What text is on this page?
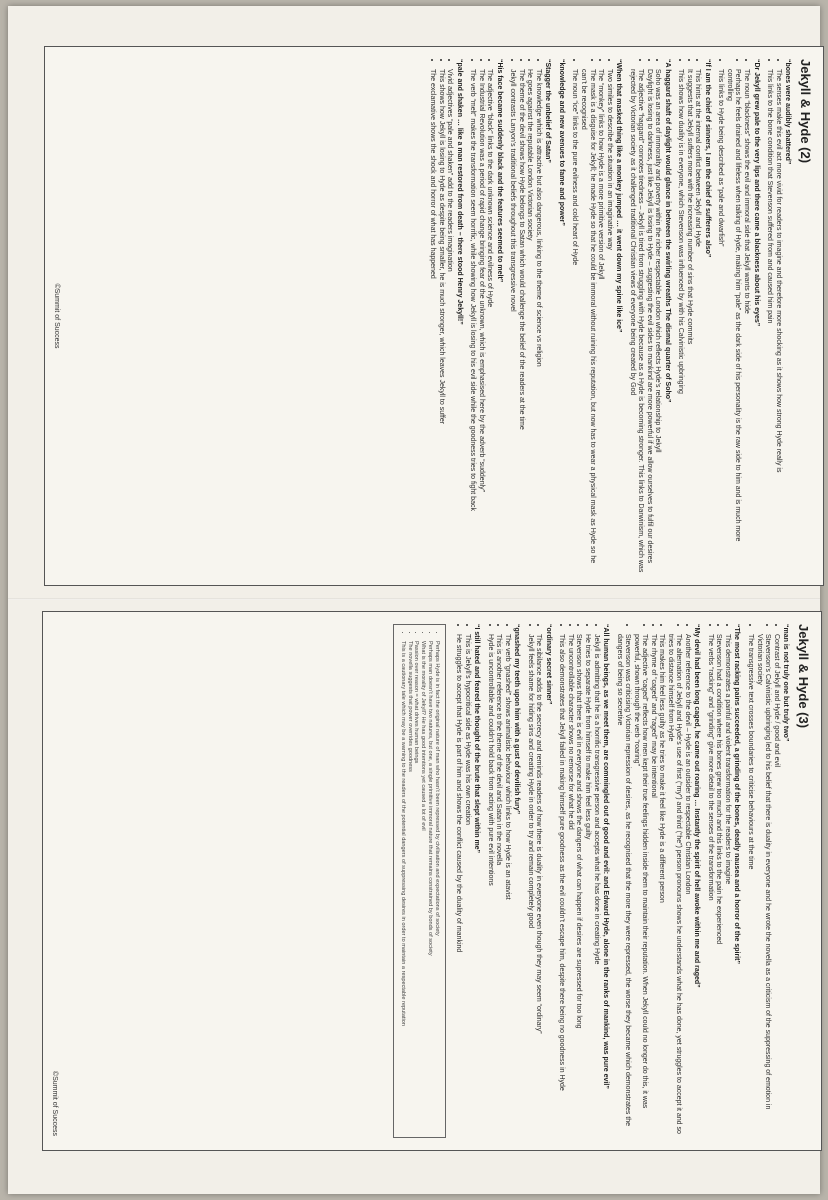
Jekyll & Hyde (2)
“bones were audibly shattered”
• The senses make this evil act more vivid for readers to imagine and therefore more shocking as it shows how strong Hyde really is
• This links to the bone condition that Stevenson suffered from and caused him pain
“Dr Jekyll grew pale to the very lips and there came a blackness about his eyes”
• The noun “blackness” shows the evil and immoral side that Jekyll wants to hide
• Perhaps he feels drained and lifeless when talking of Hyde, making him “pale” as the dark side of his personality is the raw side to him and is much more controlling
• This links to Hyde being described as “pale and dwarfish”
“If I am the chief of sinners, I am the chief of sufferers also”
• This hints at the internal conflict between Jekyll and Hyde
• It suggests that Jekyll suffers more with the increasing number of sins that Hyde commits
• This shows how duality is in everyone, which Stevenson was influenced by with his Calvinistic upbringing
“A haggard shaft of daylight would glance in between the swirling wreaths The dismal quarter of Soho”
• Soho was an area of immorality and poverty within the richer respectable London which reflects Hyde’s relationship to Jekyll
• Daylight is losing to darkness, just like Jekyll is losing to Hyde – suggesting the evil sides to mankind are more powerful if we allow ourselves to fulfil our desires
• The adjective “haggard” connotes tiredness – Jekyll is tired from struggling with Hyde because as a Hyde is becoming stronger. This links to Darwinism, which was rejected by Victorian society as it challenged traditional Christian views of everyone being created by God
“When that masked thing like a monkey jumped … it went down my spine like ice”
• Two similes to describe the situation in an imaginative way
• The “monkey” links to how Hyde is a more primitive version of Jekyll
• The mask is a disguise for Jekyll; he made Hyde so that he could be immoral without ruining his reputation, but now has to wear a physical mask as Hyde so he can’t be recognised
• The noun “ice” links to the pure evilness and cold heart of Hyde
“knowledge and new avenues to fame and power”
“Stagger the unbelief of Satan”
• The knowledge which is attractive but also dangerous, linking to the theme of science vs religion
• He goes against the reputable London Victorian society
• The theme of the devil shows how Hyde belongs to Satan which would challenge the belief of the readers at the time
• Jekyll contrasts Lanyon’s traditional beliefs throughout this transgressive novel
“His face became suddenly black and the features seemed to melt”
• The adjective “black” links to the dark unknown science and evilness of Hyde
• The Industrial Revolution was a period of rapid change bringing fear of the unknown, which is emphasised here by the adverb “suddenly”
• The verb “melt” makes the transformation seem horrific, while showing how Jekyll is losing to his evil side while the goodness tries to fight back
“pale and shaken … like a man restored from death – there stood Henry Jekyll!”
• Vivid adjectives “pale and shaken” add to the readers imagination
• This shows how Jekyll is losing to Hyde as despite being smaller, he is much stronger, which leaves Jekyll to suffer
• The exclamative shows the shock and horror of what has happened
©Summit of Success
Jekyll & Hyde (3)
“man is not truly one but truly two”
• Contrast of Jekyll and Hyde / good and evil
• Stevenson’s Calvinistic upbringing led to his belief that there is duality in everyone and he wrote the novella as a criticism of the suppressing of emotion in Victorian society
• The transgressive text crosses boundaries to criticise behaviours at the time
“The most racking pains succeeded, a grinding of the bones, deadly nausea and a horror of the spirit”
• This demonstrates a painful and violent transformation for the readers to imagine
• Stevenson had a condition where his bones grew too much and this links to the pain he experienced
• The verbs “racking” and “grinding” give more detail to the senses of the transformation
“My devil had been long caged, he came out roaring … Instantly the spirit of hell awoke within me and raged”
• Another reference to the devil – Hyde is an outsider to respectable Christian London
• The alternation of Jekyll and Hyde’s use of first (“my”) and third (“he”) person pronouns shows he understands what he has done, yet struggles to accept it and so tries to distance himself from Hyde
• This makes him feel less guilty as he tries to make it feel like Hyde is a different person
• The rhyme of “caged” and “raged” may be intentional
• The adjective “caged” reflects how men kept their true feelings hidden inside them to maintain their reputation. When Jekyll could no longer do this, it was powerful, shown through the verb “roaring”
• Stevenson was criticising Victorian repression of desires, as he recognised that the more they were repressed, the worse they became which demonstrates the dangers of being so secretive
“All human beings, as we meet them, are commingled out of good and evil: and Edward Hyde, alone in the ranks of mankind, was pure evil”
• Jekyll is admitting that he is a horrific transgressive person and accepts what he has done in creating Hyde
• He tries to separate Hyde from himself to make him feel less guilty
• Stevenson shows that there is evil in everyone and shows the dangers of what can happen if desires are supressed for too long
• The uncontrollable character shows no remorse for what he did
• This also demonstrates that Jekyll failed in making himself pure goodness as the evil couldn’t escape him, despite there being no goodness in Hyde
“ordinary secret sinner”
• The sibilance adds to the secrecy and reminds readers of how there is duality in everyone even though they may seem “ordinary”
• Jekyll feels shame for hiding sins and creating Hyde in order to try and remain completely good
“gnashed my teeth upon him with a gust of devilish fury”
• The verb “gnashed” shows animalistic behaviour which links to how Hyde is an atavist
• This is another reference to the theme of the devil and Satan in the novella
• Hyde is uncontrollable and couldn’t hold back from acting with pure evil intentions
“I still hated and feared the thought of the brute that slept within me”
• This is Jekyll’s hypocritical side as Hyde was his own creation
• He struggles to accept that Hyde is part of him and shows the conflict caused by the duality of mankind
• Perhaps Hyde is in fact the original nature of man who hasn’t been repressed by civilisation and expectations of society
• Perhaps man doesn’t have two natures, but one, a single primitive immoral nature that remains constrained by bonds of society
• What is the morality of Jekyll? He has good intentions yet caused a lot of evil
• Passion over reason = what drives human beings
• The novella suggests that power overrides goodness
• This is a cautionary tale which may be a warning to the readers of the potential dangers of suppressing desires in order to maintain a respectable reputation
©Summit of Success
